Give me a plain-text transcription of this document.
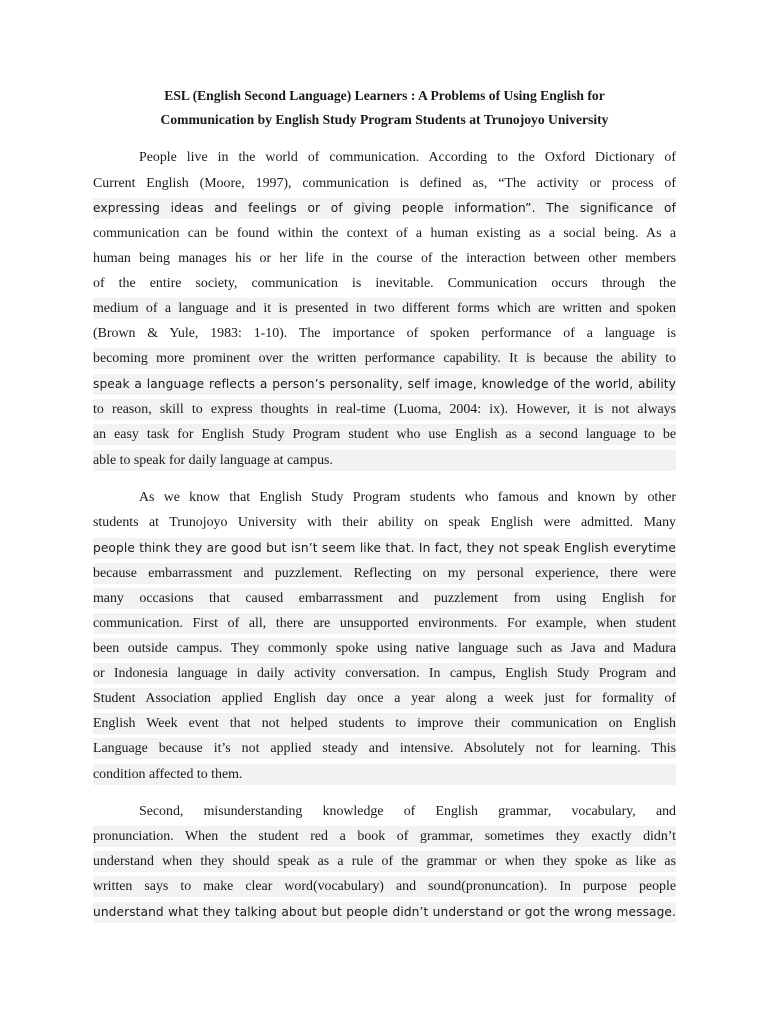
ESL (English Second Language) Learners : A Problems of Using English for
Communication by English Study Program Students at Trunojoyo University
People live in the world of communication. According to the Oxford Dictionary of
Current English (Moore, 1997), communication is defined as, “The activity or process of
expressing ideas and feelings or of giving people information”. The significance of
communication can be found within the context of a human existing as a social being. As a
human being manages his or her life in the course of the interaction between other members
of the entire society, communication is inevitable. Communication occurs through the
medium of a language and it is presented in two different forms which are written and spoken
(Brown & Yule, 1983: 1-10). The importance of spoken performance of a language is
becoming more prominent over the written performance capability. It is because the ability to
speak a language reflects a person’s personality, self image, knowledge of the world, ability
to reason, skill to express thoughts in real-time (Luoma, 2004: ix). However, it is not always
an easy task for English Study Program student who use English as a second language to be
able to speak for daily language at campus.
As we know that English Study Program students who famous and known by other
students at Trunojoyo University with their ability on speak English were admitted. Many
people think they are good but isn’t seem like that. In fact, they not speak English everytime
because embarrassment and puzzlement. Reflecting on my personal experience, there were
many occasions that caused embarrassment and puzzlement from using English for
communication. First of all, there are unsupported environments. For example, when student
been outside campus. They commonly spoke using native language such as Java and Madura
or Indonesia language in daily activity conversation. In campus, English Study Program and
Student Association applied English day once a year along a week just for formality of
English Week event that not helped students to improve their communication on English
Language because it’s not applied steady and intensive. Absolutely not for learning. This
condition affected to them.
Second, misunderstanding knowledge of English grammar, vocabulary, and
pronunciation. When the student red a book of grammar, sometimes they exactly didn’t
understand when they should speak as a rule of the grammar or when they spoke as like as
written says to make clear word(vocabulary) and sound(pronuncation). In purpose people
understand what they talking about but people didn’t understand or got the wrong message.
